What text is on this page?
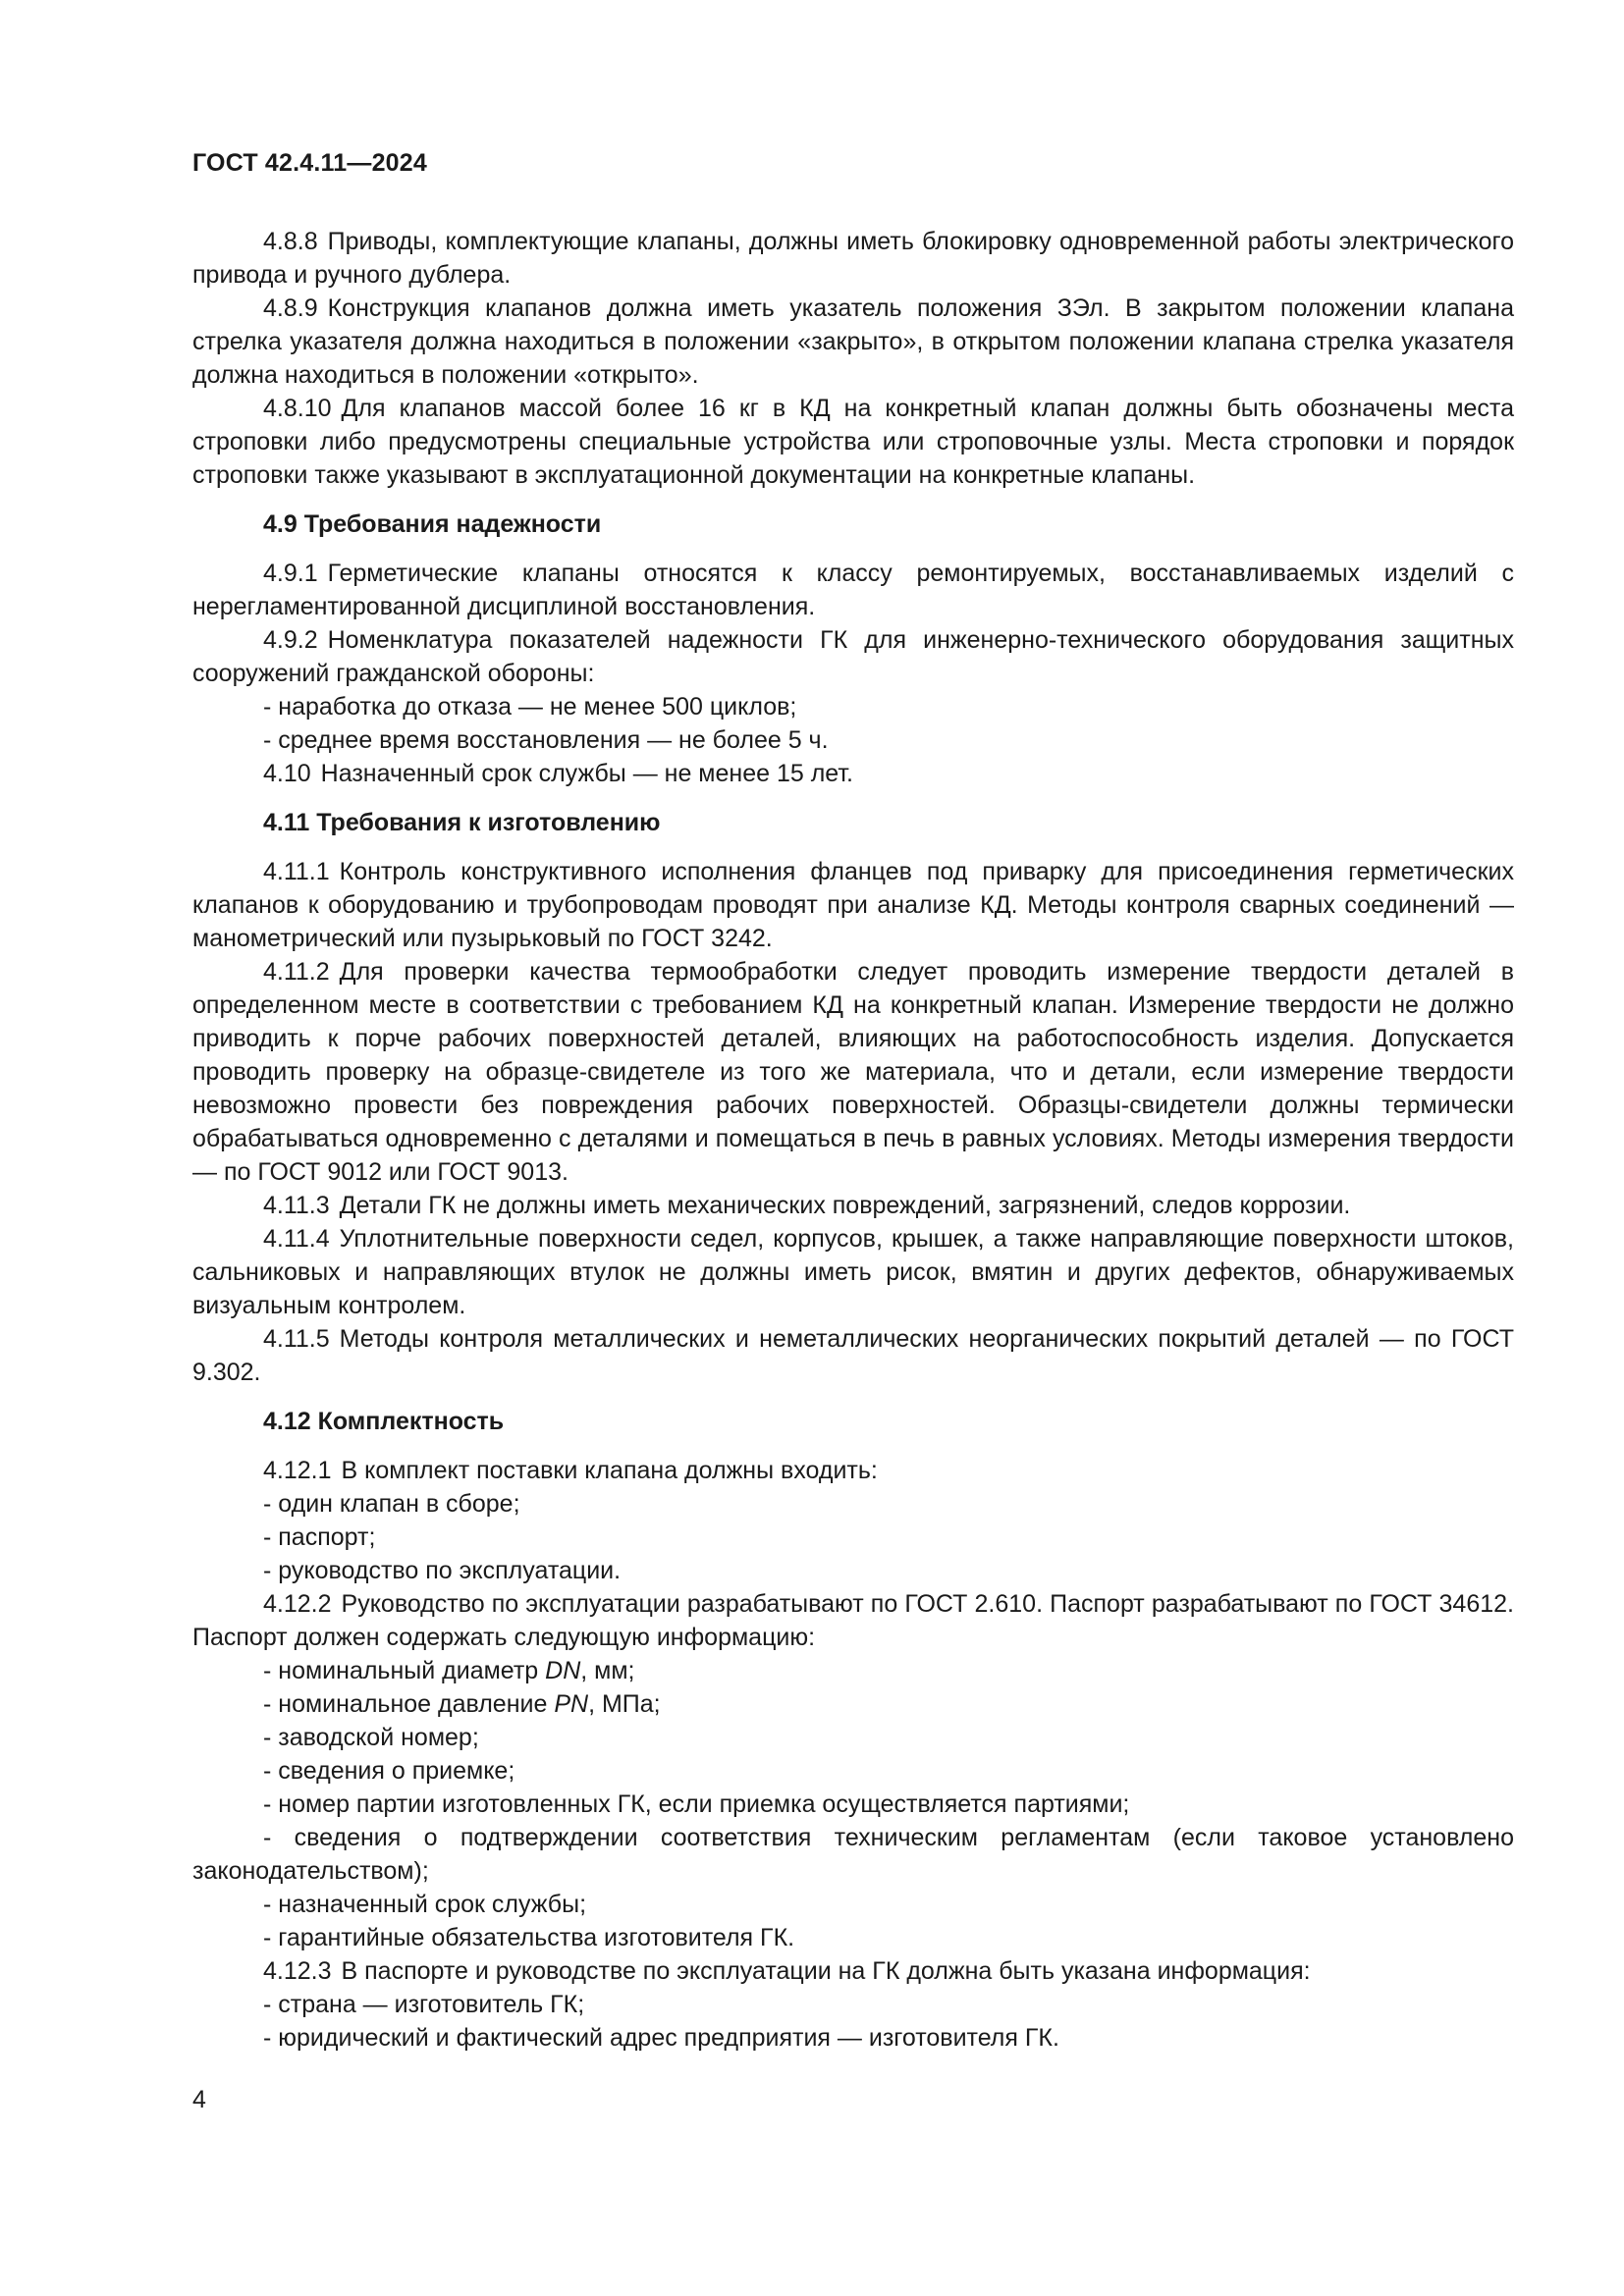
ГОСТ 42.4.11—2024

4.8.8 Приводы, комплектующие клапаны, должны иметь блокировку одновременной работы электрического привода и ручного дублера.

4.8.9 Конструкция клапанов должна иметь указатель положения ЗЭл. В закрытом положении клапана стрелка указателя должна находиться в положении «закрыто», в открытом положении клапана стрелка указателя должна находиться в положении «открыто».

4.8.10 Для клапанов массой более 16 кг в КД на конкретный клапан должны быть обозначены места строповки либо предусмотрены специальные устройства или строповочные узлы. Места строповки и порядок строповки также указывают в эксплуатационной документации на конкретные клапаны.

4.9 Требования надежности

4.9.1 Герметические клапаны относятся к классу ремонтируемых, восстанавливаемых изделий с нерегламентированной дисциплиной восстановления.

4.9.2 Номенклатура показателей надежности ГК для инженерно-технического оборудования защитных сооружений гражданской обороны:

- наработка до отказа — не менее 500 циклов;

- среднее время восстановления — не более 5 ч.

4.10 Назначенный срок службы — не менее 15 лет.

4.11 Требования к изготовлению

4.11.1 Контроль конструктивного исполнения фланцев под приварку для присоединения герметических клапанов к оборудованию и трубопроводам проводят при анализе КД. Методы контроля сварных соединений — манометрический или пузырьковый по ГОСТ 3242.

4.11.2 Для проверки качества термообработки следует проводить измерение твердости деталей в определенном месте в соответствии с требованием КД на конкретный клапан. Измерение твердости не должно приводить к порче рабочих поверхностей деталей, влияющих на работоспособность изделия. Допускается проводить проверку на образце-свидетеле из того же материала, что и детали, если измерение твердости невозможно провести без повреждения рабочих поверхностей. Образцы-свидетели должны термически обрабатываться одновременно с деталями и помещаться в печь в равных условиях. Методы измерения твердости — по ГОСТ 9012 или ГОСТ 9013.

4.11.3 Детали ГК не должны иметь механических повреждений, загрязнений, следов коррозии.

4.11.4 Уплотнительные поверхности седел, корпусов, крышек, а также направляющие поверхности штоков, сальниковых и направляющих втулок не должны иметь рисок, вмятин и других дефектов, обнаруживаемых визуальным контролем.

4.11.5 Методы контроля металлических и неметаллических неорганических покрытий деталей — по ГОСТ 9.302.

4.12 Комплектность

4.12.1 В комплект поставки клапана должны входить:

- один клапан в сборе;

- паспорт;

- руководство по эксплуатации.

4.12.2 Руководство по эксплуатации разрабатывают по ГОСТ 2.610. Паспорт разрабатывают по ГОСТ 34612. Паспорт должен содержать следующую информацию:

- номинальный диаметр DN, мм;

- номинальное давление PN, МПа;

- заводской номер;

- сведения о приемке;

- номер партии изготовленных ГК, если приемка осуществляется партиями;

- сведения о подтверждении соответствия техническим регламентам (если таковое установлено законодательством);

- назначенный срок службы;

- гарантийные обязательства изготовителя ГК.

4.12.3 В паспорте и руководстве по эксплуатации на ГК должна быть указана информация:

- страна — изготовитель ГК;

- юридический и фактический адрес предприятия — изготовителя ГК.

4
